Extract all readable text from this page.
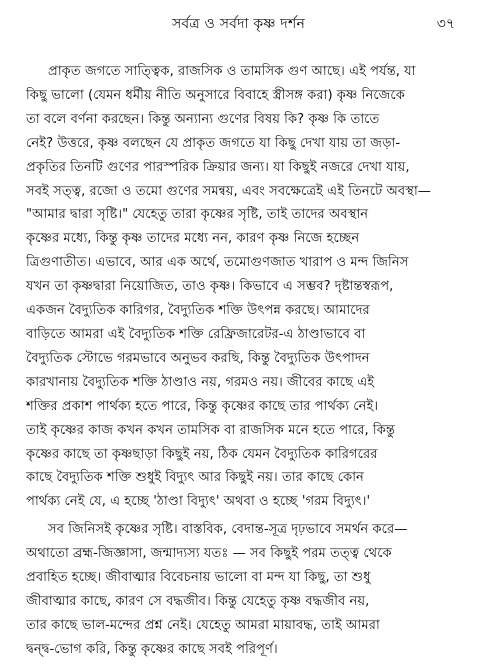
সর্বত্র ও সর্বদা কৃষ্ণ দর্শন	৩৭

প্রাকৃত জগতে সাত্ত্বিক, রাজসিক ও তামসিক গুণ আছে। এই পর্যন্ত, যা
কিছু ভালো (যেমন ধর্মীয় নীতি অনুসারে বিবাহে স্ত্রীসঙ্গ করা) কৃষ্ণ নিজেকে
তা বলে বর্ণনা করছেন। কিন্তু অন্যান্য গুণের বিষয় কি? কৃষ্ণ কি তাতে
নেই? উত্তরে, কৃষ্ণ বলছেন যে প্রাকৃত জগতে যা কিছু দেখা যায় তা জড়া-
প্রকৃতির তিনটি গুণের পারস্পরিক ক্রিয়ার জন্য। যা কিছুই নজরে দেখা যায়,
সবই সত্ত্ব, রজো ও তমো গুণের সমন্বয়, এবং সবক্ষেত্রেই এই তিনটে অবস্থা—
"আমার দ্বারা সৃষ্টি।" যেহেতু তারা কৃষ্ণের সৃষ্টি, তাই তাদের অবস্থান
কৃষ্ণের মধ্যে, কিন্তু কৃষ্ণ তাদের মধ্যে নন, কারণ কৃষ্ণ নিজে হচ্ছেন
ত্রিগুণাতীত। এভাবে, আর এক অর্থে, তমোগুণজাত খারাপ ও মন্দ জিনিস
যখন তা কৃষ্ণদ্বারা নিয়োজিত, তাও কৃষ্ণ। কিভাবে এ সম্ভব? দৃষ্টান্তস্বরূপ,
একজন বৈদ্যুতিক কারিগর, বৈদ্যুতিক শক্তি উৎপন্ন করছে। আমাদের
বাড়িতে আমরা এই বৈদ্যুতিক শক্তি রেফ্রিজারেটর-এ ঠাণ্ডাভাবে বা
বৈদ্যুতিক স্টোভে গরমভাবে অনুভব করছি, কিন্তু বৈদ্যুতিক উৎপাদন
কারখানায় বৈদ্যুতিক শক্তি ঠাণ্ডাও নয়, গরমও নয়। জীবের কাছে এই
শক্তির প্রকাশ পার্থক্য হতে পারে, কিন্তু কৃষ্ণের কাছে তার পার্থক্য নেই।
তাই কৃষ্ণের কাজ কখন কখন তামসিক বা রাজসিক মনে হতে পারে, কিন্তু
কৃষ্ণের কাছে তা কৃষ্ণছাড়া কিছুই নয়, ঠিক যেমন বৈদ্যুতিক কারিগরের
কাছে বৈদ্যুতিক শক্তি শুধুই বিদ্যুৎ আর কিছুই নয়। তার কাছে কোন
পার্থক্য নেই যে, এ হচ্ছে 'ঠাণ্ডা বিদ্যুৎ' অথবা ও হচ্ছে 'গরম বিদ্যুৎ।'

সব জিনিসই কৃষ্ণের সৃষ্টি। বাস্তবিক, বেদান্ত-সূত্র দৃঢ়ভাবে সমর্থন করে—
অথাতো ব্রহ্ম-জিজ্ঞাসা, জন্মাদ্যস্য যতঃ — সব কিছুই পরম তত্ত্ব থেকে
প্রবাহিত হচ্ছে। জীবাত্মার বিবেচনায় ভালো বা মন্দ যা কিছু, তা শুধু
জীবাত্মার কাছে, কারণ সে বদ্ধজীব। কিন্তু যেহেতু কৃষ্ণ বদ্ধজীব নয়,
তার কাছে ভাল-মন্দের প্রশ্ন নেই। যেহেতু আমরা মায়াবদ্ধ, তাই আমরা
দ্বন্দ্ব-ভোগ করি, কিন্তু কৃষ্ণের কাছে সবই পরিপূর্ণ।
